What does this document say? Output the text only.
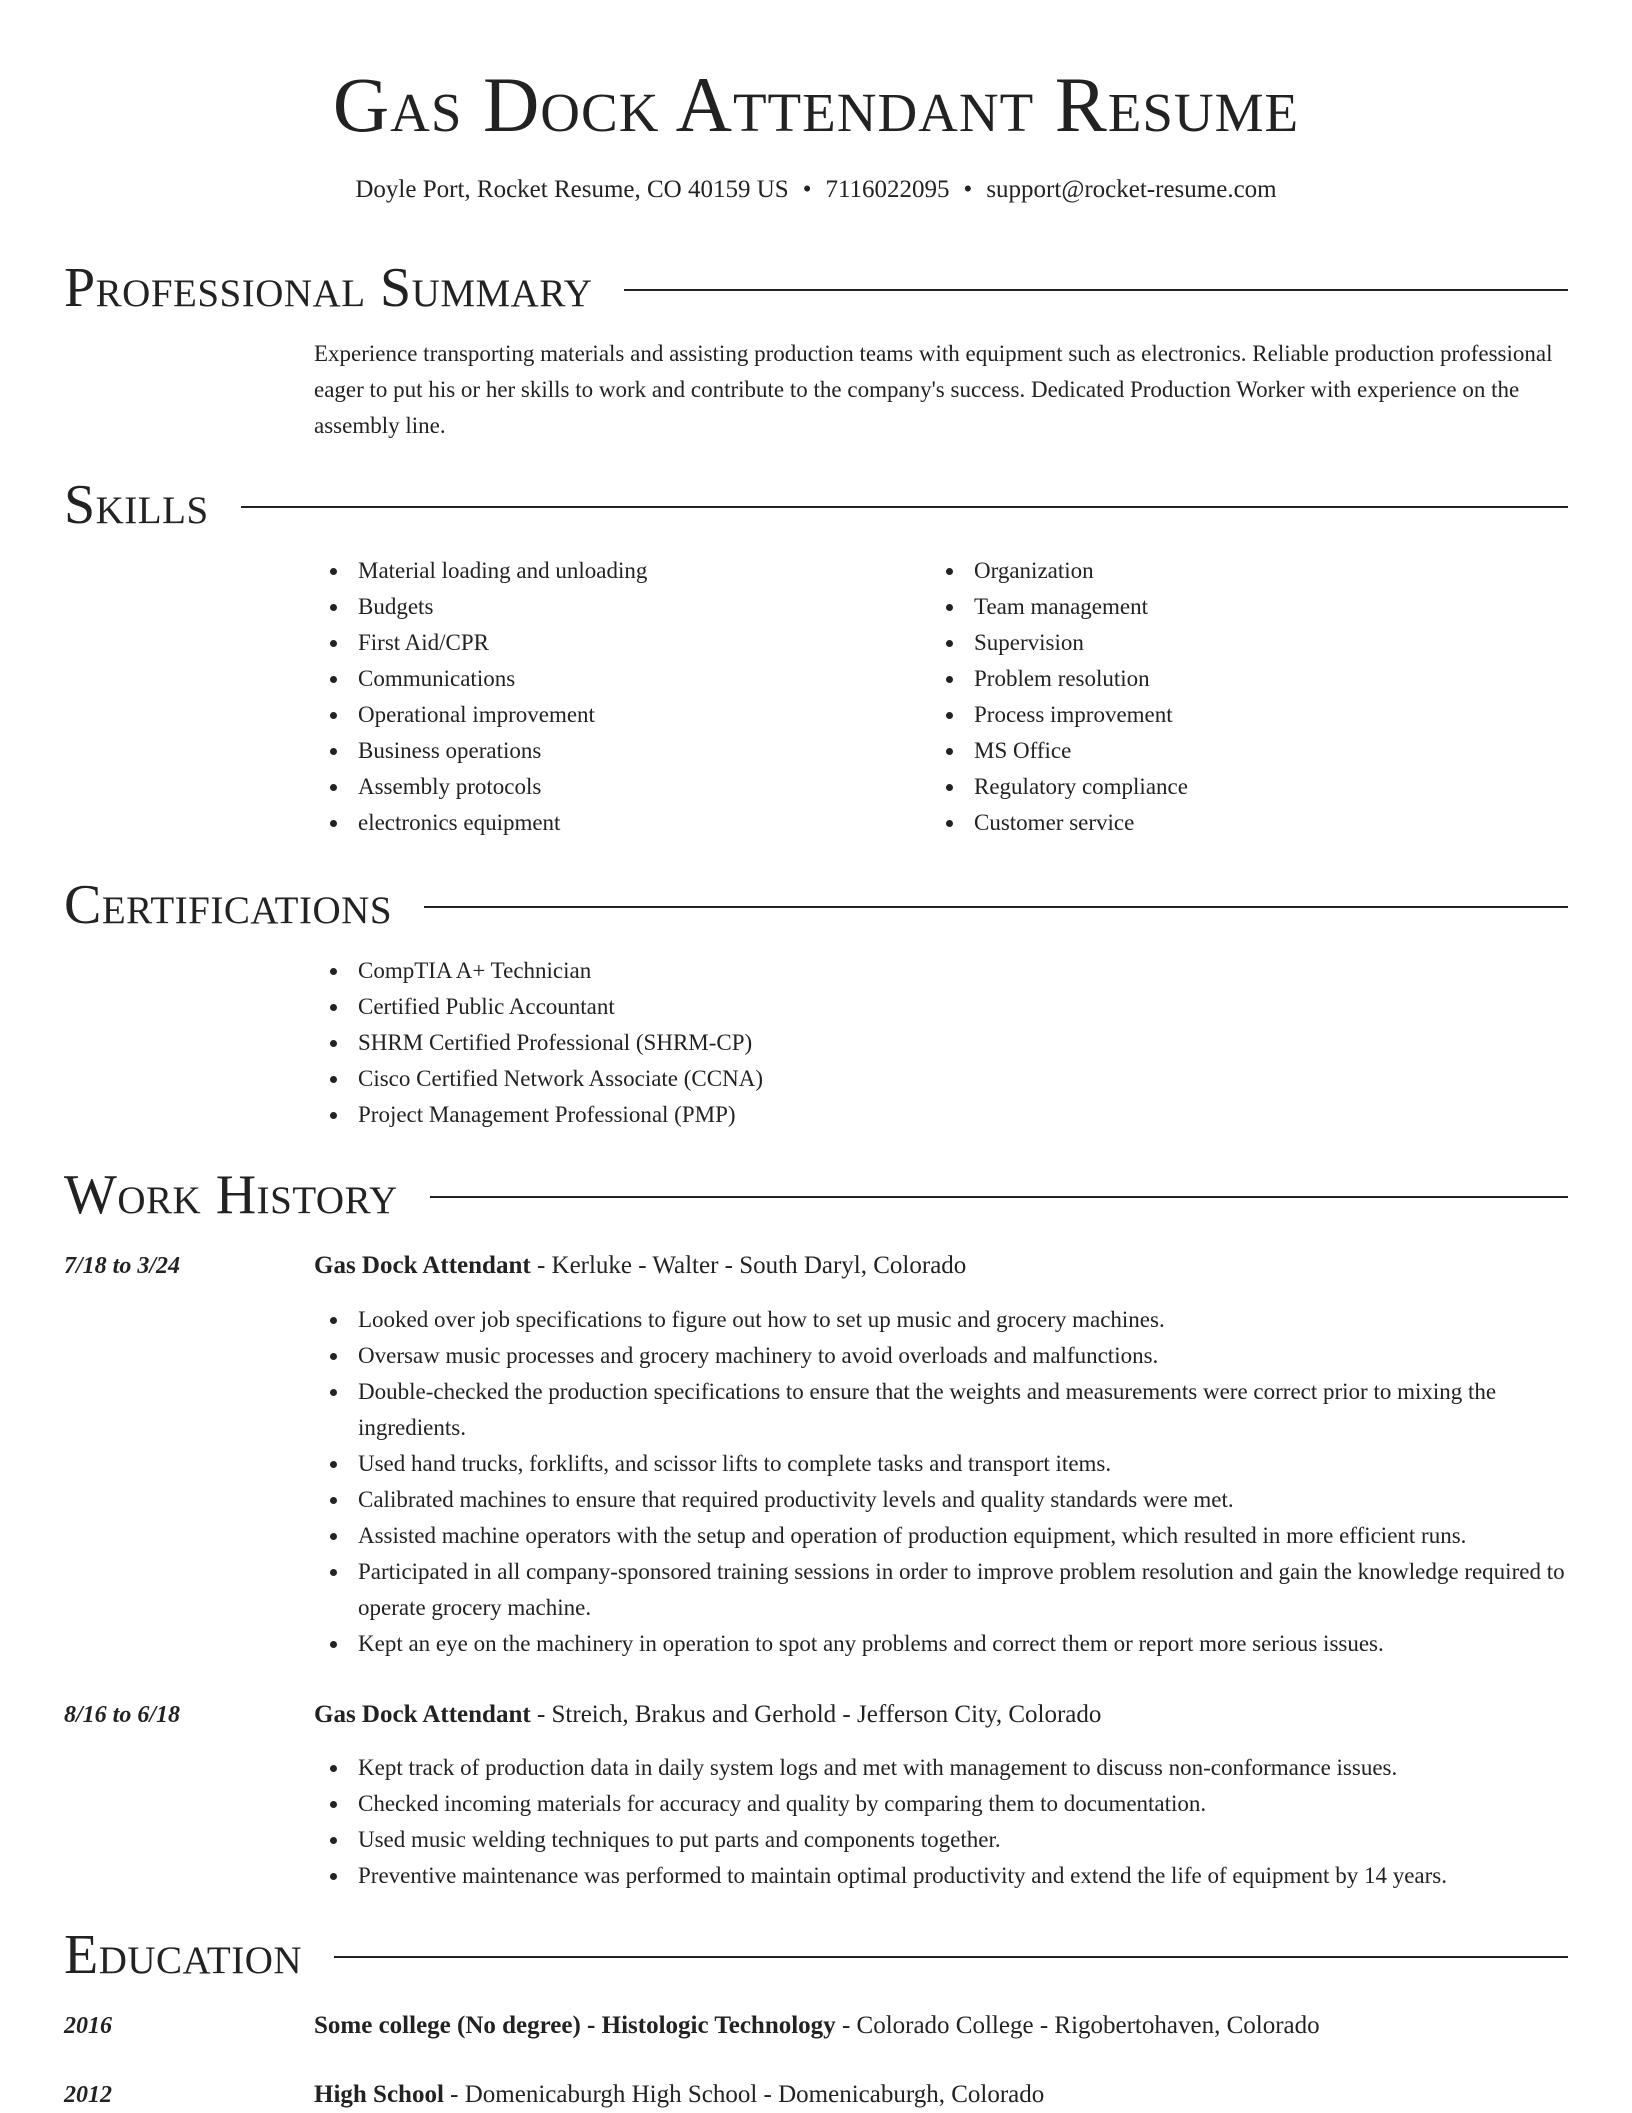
Gas Dock Attendant Resume
Doyle Port, Rocket Resume, CO 40159 US • 7116022095 • support@rocket-resume.com
Professional Summary

Experience transporting materials and assisting production teams with equipment such as electronics. Reliable production professional eager to put his or her skills to work and contribute to the company's success. Dedicated Production Worker with experience on the assembly line.

Skills
Material loading and unloading
Budgets
First Aid/CPR
Communications
Operational improvement
Business operations
Assembly protocols
electronics equipment
Organization
Team management
Supervision
Problem resolution
Process improvement
MS Office
Regulatory compliance
Customer service
Certifications
CompTIA A+ Technician
Certified Public Accountant
SHRM Certified Professional (SHRM-CP)
Cisco Certified Network Associate (CCNA)
Project Management Professional (PMP)
Work History
7/18 to 3/24	Gas Dock Attendant - Kerluke - Walter - South Daryl, Colorado
Looked over job specifications to figure out how to set up music and grocery machines.
Oversaw music processes and grocery machinery to avoid overloads and malfunctions.
Double-checked the production specifications to ensure that the weights and measurements were correct prior to mixing the ingredients.
Used hand trucks, forklifts, and scissor lifts to complete tasks and transport items.
Calibrated machines to ensure that required productivity levels and quality standards were met.
Assisted machine operators with the setup and operation of production equipment, which resulted in more efficient runs.
Participated in all company-sponsored training sessions in order to improve problem resolution and gain the knowledge required to operate grocery machine.
Kept an eye on the machinery in operation to spot any problems and correct them or report more serious issues.
8/16 to 6/18	Gas Dock Attendant - Streich, Brakus and Gerhold - Jefferson City, Colorado
Kept track of production data in daily system logs and met with management to discuss non-conformance issues.
Checked incoming materials for accuracy and quality by comparing them to documentation.
Used music welding techniques to put parts and components together.
Preventive maintenance was performed to maintain optimal productivity and extend the life of equipment by 14 years.
Education
2016	Some college (No degree) - Histologic Technology - Colorado College - Rigobertohaven, Colorado
2012	High School - Domenicaburgh High School - Domenicaburgh, Colorado
